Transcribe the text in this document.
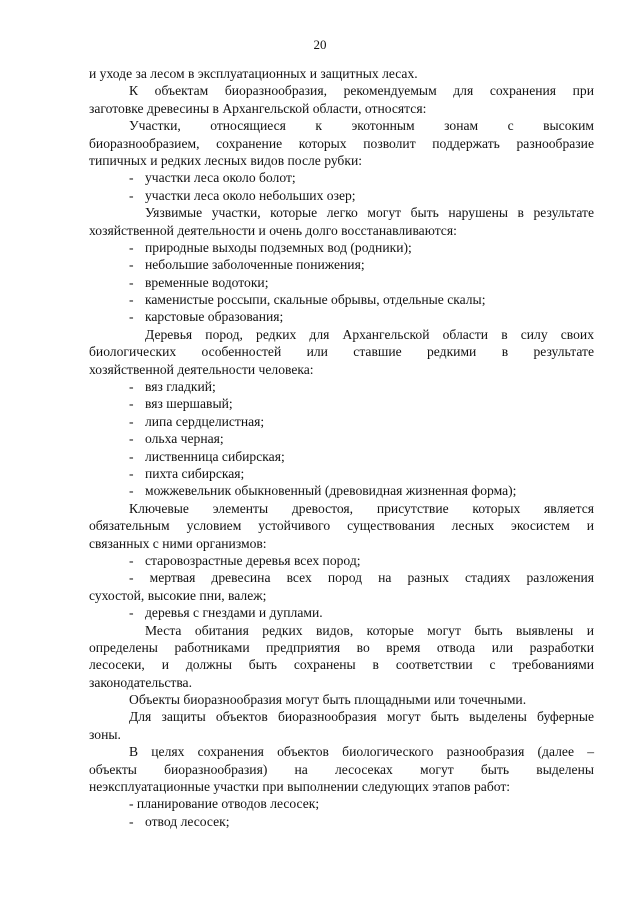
20
и уходе за лесом в эксплуатационных и защитных лесах.
К объектам биоразнообразия, рекомендуемым для сохранения при
заготовке древесины в Архангельской области, относятся:
Участки, относящиеся к экотонным зонам с высоким
биоразнообразием, сохранение которых позволит поддержать разнообразие
типичных и редких лесных видов после рубки:
- участки леса около болот;
- участки леса около небольших озер;
Уязвимые участки, которые легко могут быть нарушены в результате
хозяйственной деятельности и очень долго восстанавливаются:
- природные выходы подземных вод (родники);
- небольшие заболоченные понижения;
- временные водотоки;
- каменистые россыпи, скальные обрывы, отдельные скалы;
- карстовые образования;
Деревья пород, редких для Архангельской области в силу своих
биологических особенностей или ставшие редкими в результате
хозяйственной деятельности человека:
- вяз гладкий;
- вяз шершавый;
- липа сердцелистная;
- ольха черная;
- лиственница сибирская;
- пихта сибирская;
- можжевельник обыкновенный (древовидная жизненная форма);
Ключевые элементы древостоя, присутствие которых является
обязательным условием устойчивого существования лесных экосистем и
связанных с ними организмов:
- старовозрастные деревья всех пород;
- мертвая древесина всех пород на разных стадиях разложения
сухостой, высокие пни, валеж;
- деревья с гнездами и дуплами.
Места обитания редких видов, которые могут быть выявлены и
определены работниками предприятия во время отвода или разработки
лесосеки, и должны быть сохранены в соответствии с требованиями
законодательства.
Объекты биоразнообразия могут быть площадными или точечными.
Для защиты объектов биоразнообразия могут быть выделены буферные
зоны.
В целях сохранения объектов биологического разнообразия (далее –
объекты биоразнообразия) на лесосеках могут быть выделены
неэксплуатационные участки при выполнении следующих этапов работ:
- планирование отводов лесосек;
- отвод лесосек;
